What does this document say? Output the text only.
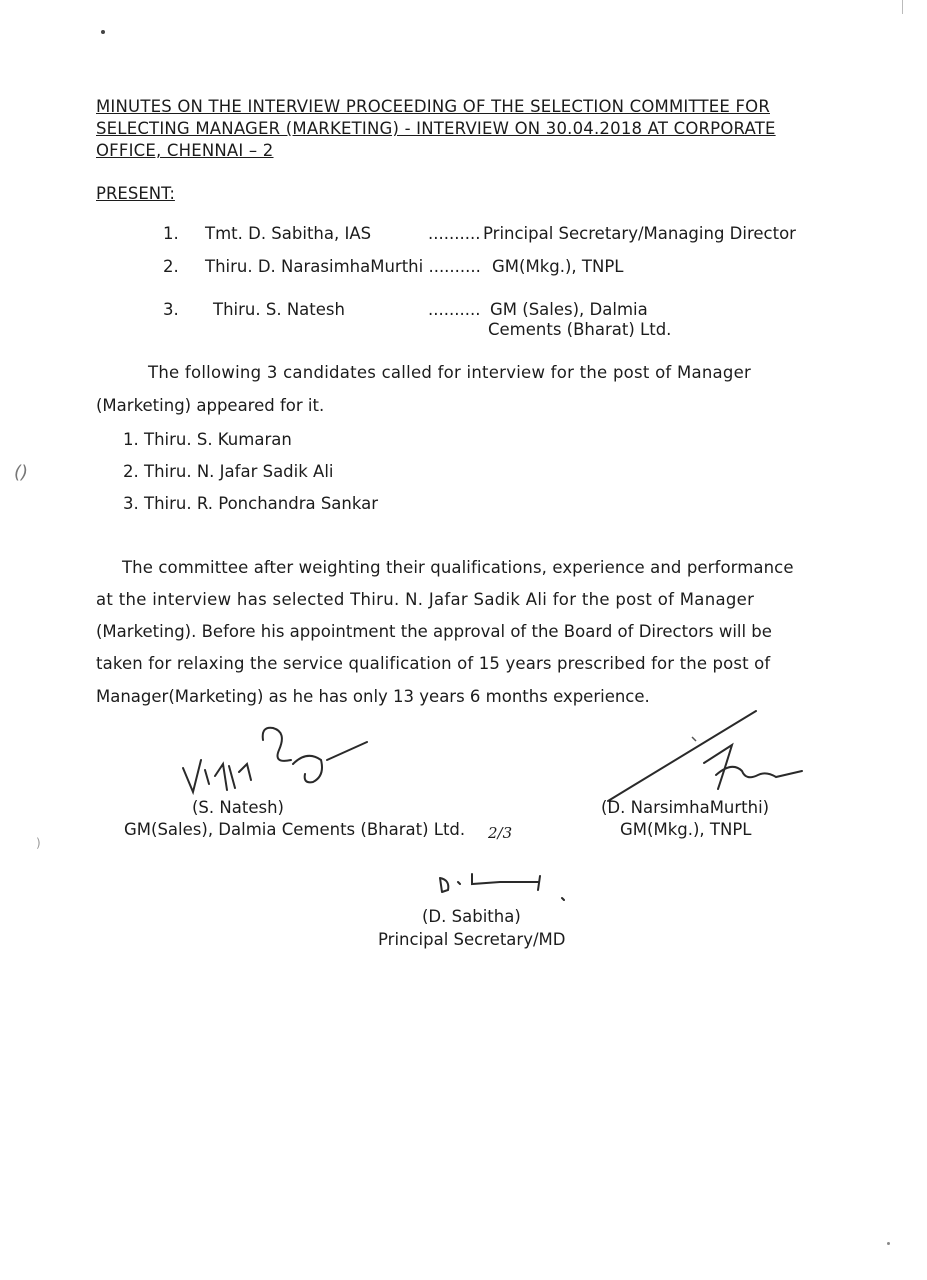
()
)
MINUTES ON THE INTERVIEW PROCEEDING OF THE SELECTION COMMITTEE FOR
SELECTING MANAGER (MARKETING) - INTERVIEW ON 30.04.2018 AT CORPORATE
OFFICE, CHENNAI – 2
PRESENT:
1. Tmt. D. Sabitha, IAS	.......... Principal Secretary/Managing Director
2. Thiru. D. NarasimhaMurthi .......... GM(Mkg.), TNPL
3. Thiru. S. Natesh	.......... GM (Sales), Dalmia
Cements (Bharat) Ltd.
The following 3 candidates called for interview for the post of Manager
(Marketing) appeared for it.
1. Thiru. S. Kumaran
2. Thiru. N. Jafar Sadik Ali
3. Thiru. R. Ponchandra Sankar
The committee after weighting their qualifications, experience and performance
at the interview has selected Thiru. N. Jafar Sadik Ali for the post of Manager
(Marketing). Before his appointment the approval of the Board of Directors will be
taken for relaxing the service qualification of 15 years prescribed for the post of
Manager(Marketing) as he has only 13 years 6 months experience.
(S. Natesh)
GM(Sales), Dalmia Cements (Bharat) Ltd. 2/3
(D. NarsimhaMurthi)
GM(Mkg.), TNPL
(D. Sabitha)
Principal Secretary/MD
